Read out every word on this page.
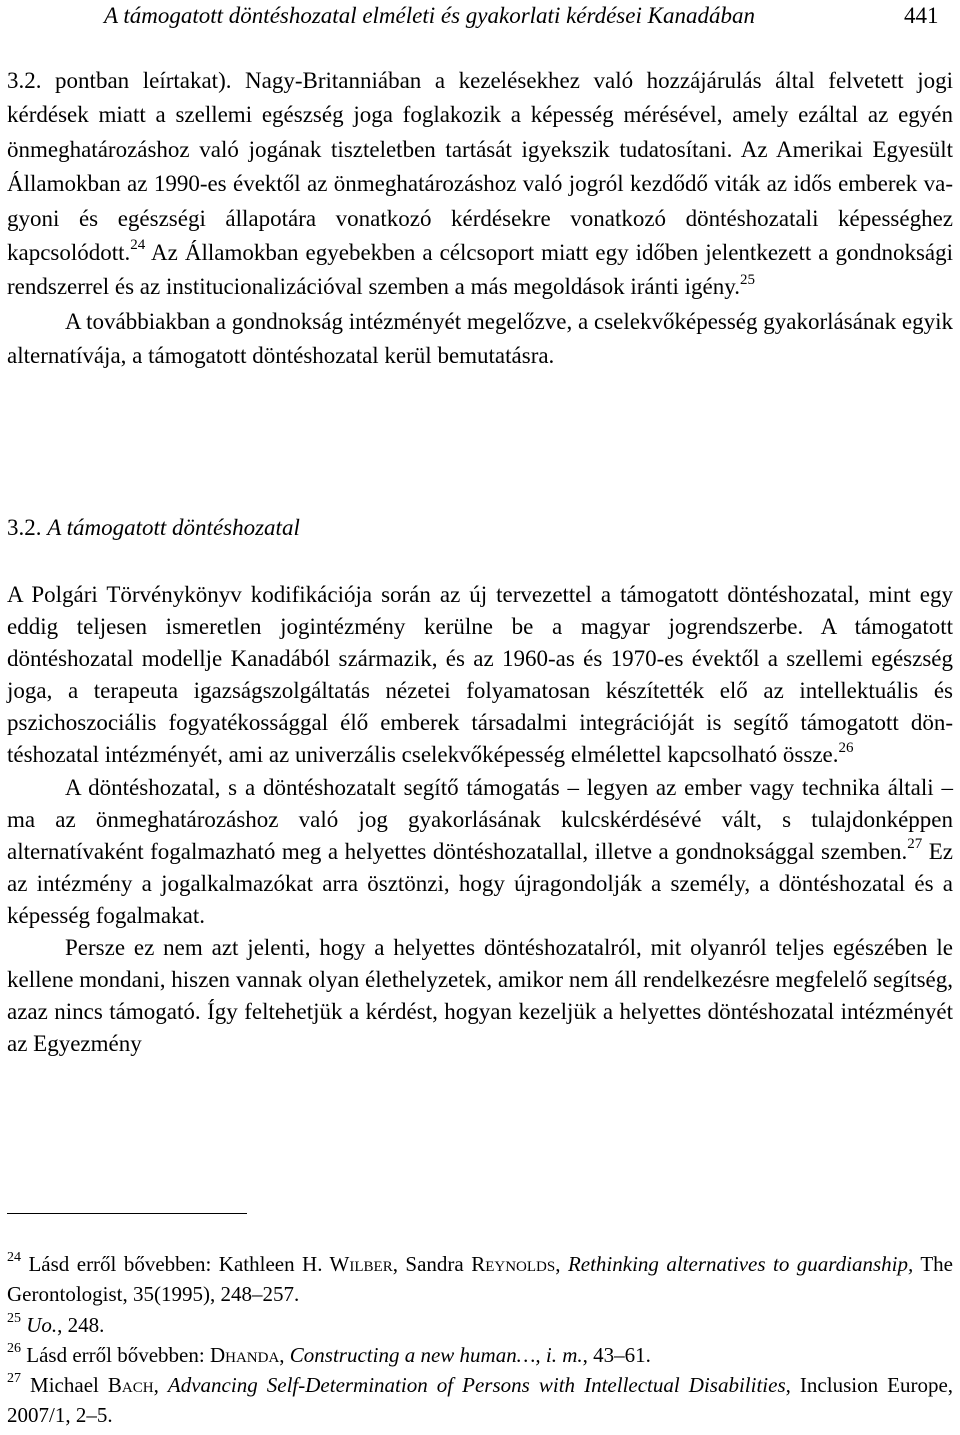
A támogatott döntéshozatal elméleti és gyakorlati kérdései Kanadában	441

3.2. pontban leírtakat). Nagy-Britanniában a kezelésekhez való hozzájárulás által felvetett jogi kérdések miatt a szellemi egészség joga foglakozik a képesség mérésével, amely ezáltal az egyén önmeghatározáshoz való jogának tiszteletben tartását igyekszik tudatosítani. Az Amerikai Egyesült Államokban az 1990-es évektől az önmeghatározáshoz való jogról kezdődő viták az idős emberek vagyoni és egészségi állapotára vonatkozó kérdésekre vonatkozó döntéshozatali képességhez kapcsolódott.$^{24}$ Az Államokban egyebekben a célcsoport miatt egy időben jelentkezett a gondnoksági rendszerrel és az institucionalizációval szemben a más megoldások iránti igény.$^{25}$

A továbbiakban a gondnokság intézményét megelőzve, a cselekvőképesség gyakorlásának egyik alternatívája, a támogatott döntéshozatal kerül bemutatásra.

3.2. A támogatott döntéshozatal

A Polgári Törvénykönyv kodifikációja során az új tervezettel a támogatott döntéshozatal, mint egy eddig teljesen ismeretlen jogintézmény kerülne be a magyar jogrendszerbe. A támogatott döntéshozatal modellje Kanadából származik, és az 1960-as és 1970-es évektől a szellemi egészség joga, a terapeuta igazságszolgáltatás nézetei folyamatosan készítették elő az intellektuális és pszichoszociális fogyatékossággal élő emberek társadalmi integrációját is segítő támogatott döntéshozatal intézményét, ami az univerzális cselekvőképesség elmélettel kapcsolható össze.$^{26}$

A döntéshozatal, s a döntéshozatalt segítő támogatás – legyen az ember vagy technika általi – ma az önmeghatározáshoz való jog gyakorlásának kulcskérdésévé vált, s tulajdonképpen alternatívaként fogalmazható meg a helyettes döntéshozatallal, illetve a gondnoksággal szemben.$^{27}$ Ez az intézmény a jogalkalmazókat arra ösztönzi, hogy újragondolják a személy, a döntéshozatal és a képesség fogalmakat.

Persze ez nem azt jelenti, hogy a helyettes döntéshozatalról, mit olyanról teljes egészében le kellene mondani, hiszen vannak olyan élethelyzetek, amikor nem áll rendelkezésre megfelelő segítség, azaz nincs támogató. Így feltehetjük a kérdést, hogyan kezeljük a helyettes döntéshozatal intézményét az Egyezmény

$^{24}$ Lásd erről bővebben: Kathleen H. Wilber, Sandra Reynolds, Rethinking alternatives to guardianship, The Gerontologist, 35(1995), 248–257.
$^{25}$ Uo., 248.
$^{26}$ Lásd erről bővebben: Dhanda, Constructing a new human…, i. m., 43–61.
$^{27}$ Michael Bach, Advancing Self-Determination of Persons with Intellectual Disabilities, Inclusion Europe, 2007/1, 2–5.
